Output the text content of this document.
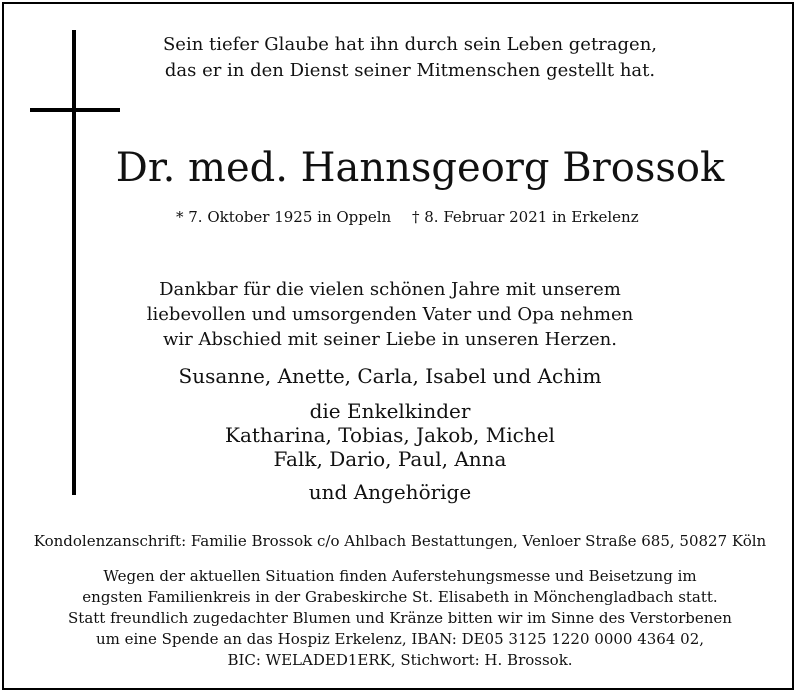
Sein tiefer Glaube hat ihn durch sein Leben getragen,
das er in den Dienst seiner Mitmenschen gestellt hat.
Dr. med. Hannsgeorg Brossok
* 7. Oktober 1925 in Oppeln † 8. Februar 2021 in Erkelenz
Dankbar für die vielen schönen Jahre mit unserem
liebevollen und umsorgenden Vater und Opa nehmen
wir Abschied mit seiner Liebe in unseren Herzen.
Susanne, Anette, Carla, Isabel und Achim
die Enkelkinder
Katharina, Tobias, Jakob, Michel
Falk, Dario, Paul, Anna
und Angehörige
Kondolenzanschrift: Familie Brossok c/o Ahlbach Bestattungen, Venloer Straße 685, 50827 Köln
Wegen der aktuellen Situation finden Auferstehungsmesse und Beisetzung im
engsten Familienkreis in der Grabeskirche St. Elisabeth in Mönchengladbach statt.
Statt freundlich zugedachter Blumen und Kränze bitten wir im Sinne des Verstorbenen
um eine Spende an das Hospiz Erkelenz, IBAN: DE05 3125 1220 0000 4364 02,
BIC: WELADED1ERK, Stichwort: H. Brossok.
